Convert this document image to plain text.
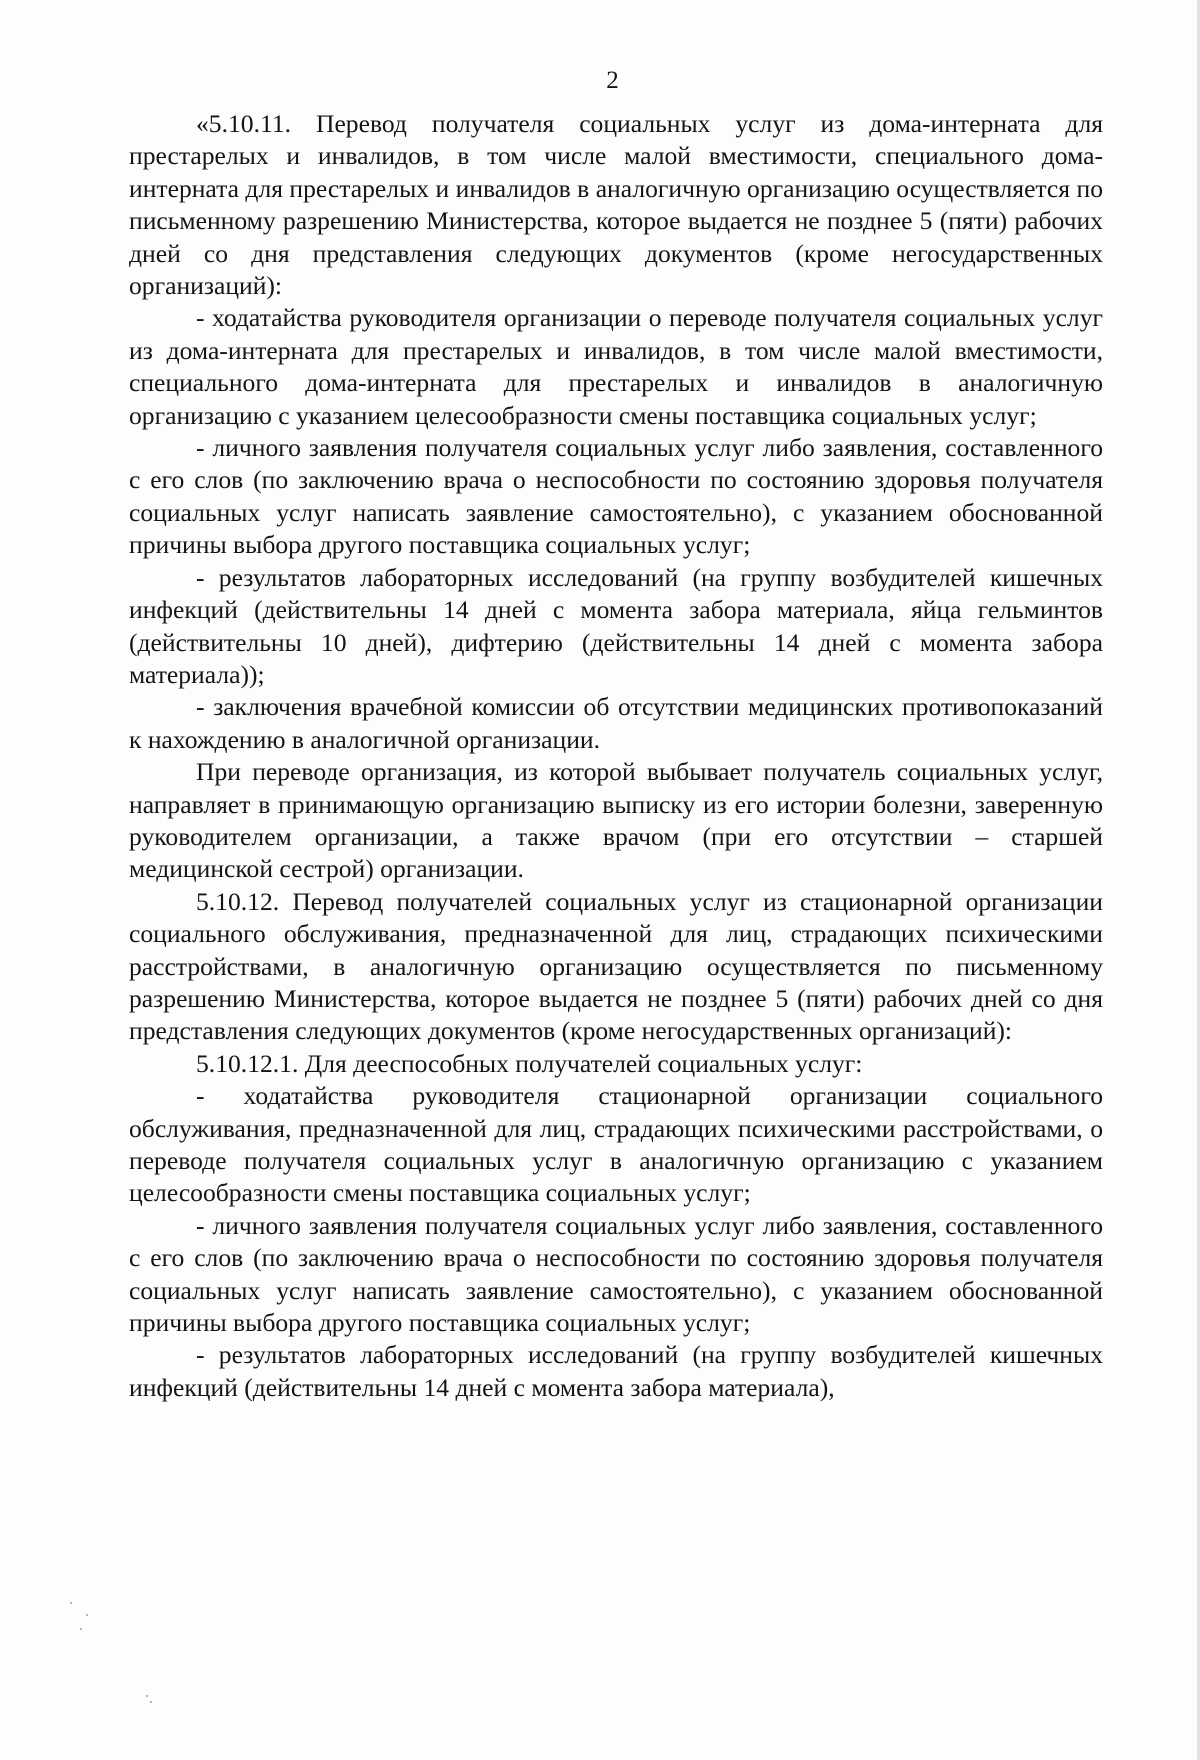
2

«5.10.11. Перевод получателя социальных услуг из дома-интерната для престарелых и инвалидов, в том числе малой вместимости, специального дома-интерната для престарелых и инвалидов в аналогичную организацию осуществляется по письменному разрешению Министерства, которое выдается не позднее 5 (пяти) рабочих дней со дня представления следующих документов (кроме негосударственных организаций):

- ходатайства руководителя организации о переводе получателя социальных услуг из дома-интерната для престарелых и инвалидов, в том числе малой вместимости, специального дома-интерната для престарелых и инвалидов в аналогичную организацию с указанием целесообразности смены поставщика социальных услуг;

- личного заявления получателя социальных услуг либо заявления, составленного с его слов (по заключению врача о неспособности по состоянию здоровья получателя социальных услуг написать заявление самостоятельно), с указанием обоснованной причины выбора другого поставщика социальных услуг;

- результатов лабораторных исследований (на группу возбудителей кишечных инфекций (действительны 14 дней с момента забора материала, яйца гельминтов (действительны 10 дней), дифтерию (действительны 14 дней с момента забора материала));

- заключения врачебной комиссии об отсутствии медицинских противопоказаний к нахождению в аналогичной организации.

При переводе организация, из которой выбывает получатель социальных услуг, направляет в принимающую организацию выписку из его истории болезни, заверенную руководителем организации, а также врачом (при его отсутствии – старшей медицинской сестрой) организации.

5.10.12. Перевод получателей социальных услуг из стационарной организации социального обслуживания, предназначенной для лиц, страдающих психическими расстройствами, в аналогичную организацию осуществляется по письменному разрешению Министерства, которое выдается не позднее 5 (пяти) рабочих дней со дня представления следующих документов (кроме негосударственных организаций):

5.10.12.1. Для дееспособных получателей социальных услуг:

- ходатайства руководителя стационарной организации социального обслуживания, предназначенной для лиц, страдающих психическими расстройствами, о переводе получателя социальных услуг в аналогичную организацию с указанием целесообразности смены поставщика социальных услуг;

- личного заявления получателя социальных услуг либо заявления, составленного с его слов (по заключению врача о неспособности по состоянию здоровья получателя социальных услуг написать заявление самостоятельно), с указанием обоснованной причины выбора другого поставщика социальных услуг;

- результатов лабораторных исследований (на группу возбудителей кишечных инфекций (действительны 14 дней с момента забора материала),
